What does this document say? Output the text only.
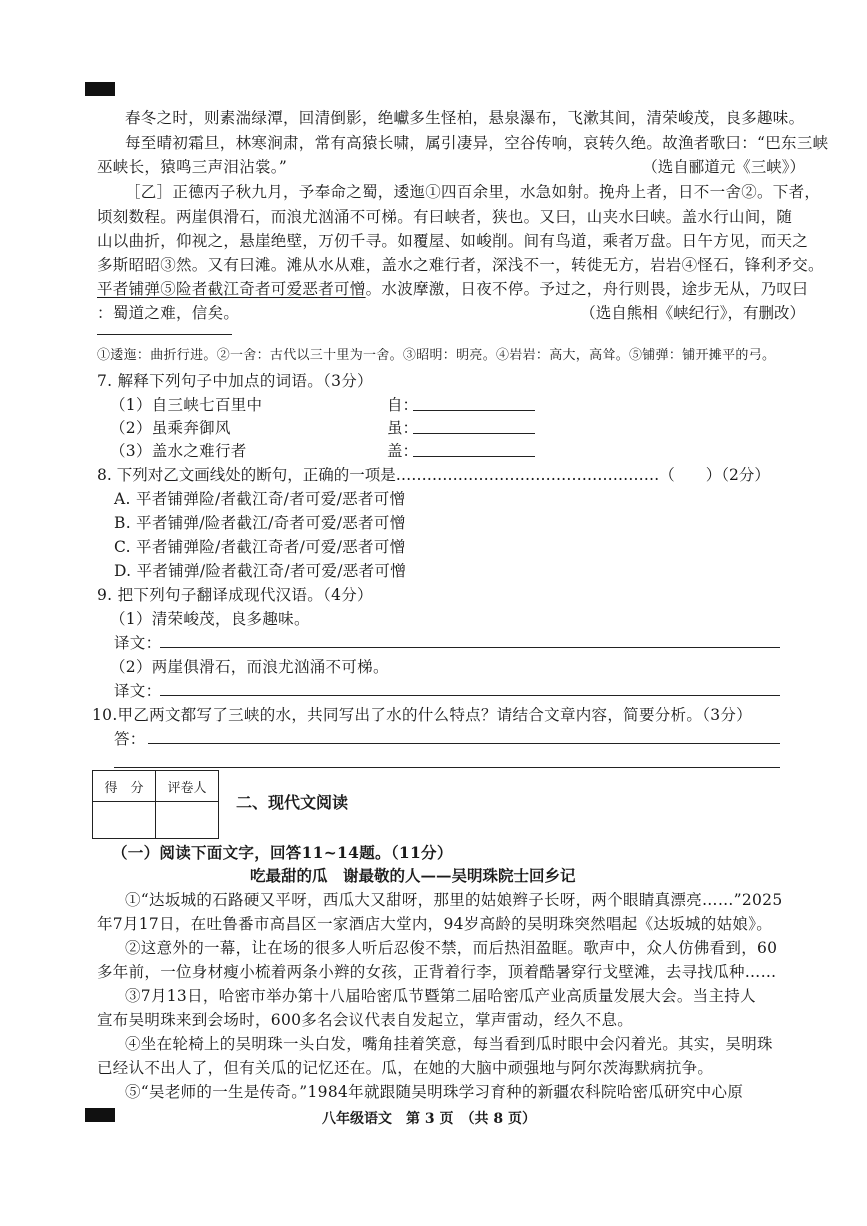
春冬之时，则素湍绿潭，回清倒影，绝巘多生怪柏，悬泉瀑布，飞漱其间，清荣峻茂，良多趣味。
每至晴初霜旦，林寒涧肃，常有高猿长啸，属引凄异，空谷传响，哀转久绝。故渔者歌曰：“巴东三峡
巫峡长，猿鸣三声泪沾裳。”	（选自郦道元《三峡》）
［乙］正德丙子秋九月，予奉命之蜀，逶迤①四百余里，水急如射。挽舟上者，日不一舍②。下者，
顷刻数程。两崖俱滑石，而浪尤汹涌不可梯。有曰峡者，狭也。又曰，山夹水曰峡。盖水行山间，随
山以曲折，仰视之，悬崖绝壁，万仞千寻。如覆屋、如峻削。间有鸟道，乘者万盘。日午方见，而天之
多斯昭昭③然。又有曰滩。滩从水从难，盖水之难行者，深浅不一，转徙无方，岩岩④怪石，锋利矛交。
平者铺弹⑤险者截江奇者可爱恶者可憎。水波摩激，日夜不停。予过之，舟行则畏，途步无从，乃叹曰
：蜀道之难，信矣。	（选自熊相《峡纪行》，有删改）
①逶迤：曲折行进。②一舍：古代以三十里为一舍。③昭明：明亮。④岩岩：高大，高耸。⑤铺弹：铺开摊平的弓。
7. 解释下列句子中加点的词语。（3分）
（1）自三峡七百里中	自：
（2）虽乘奔御风	虽：
（3）盖水之难行者	盖：
8. 下列对乙文画线处的断句，正确的一项是……………………………………………（　　）（2分）
A. 平者铺弹险/者截江奇/者可爱/恶者可憎
B. 平者铺弹/险者截江/奇者可爱/恶者可憎
C. 平者铺弹险/者截江奇者/可爱/恶者可憎
D. 平者铺弹/险者截江奇/者可爱/恶者可憎
9. 把下列句子翻译成现代汉语。（4分）
（1）清荣峻茂，良多趣味。
译文：
（2）两崖俱滑石，而浪尤汹涌不可梯。
译文：
10.甲乙两文都写了三峡的水，共同写出了水的什么特点？请结合文章内容，简要分析。（3分）
答：
得　分	评卷人

二、现代文阅读
（一）阅读下面文字，回答11~14题。（11分）
吃最甜的瓜　谢最敬的人——吴明珠院士回乡记
①“达坂城的石路硬又平呀，西瓜大又甜呀，那里的姑娘辫子长呀，两个眼睛真漂亮……”2025
年7月17日，在吐鲁番市高昌区一家酒店大堂内，94岁高龄的吴明珠突然唱起《达坂城的姑娘》。
②这意外的一幕，让在场的很多人听后忍俊不禁，而后热泪盈眶。歌声中，众人仿佛看到，60
多年前，一位身材瘦小梳着两条小辫的女孩，正背着行李，顶着酷暑穿行戈壁滩，去寻找瓜种……
③7月13日，哈密市举办第十八届哈密瓜节暨第二届哈密瓜产业高质量发展大会。当主持人
宣布吴明珠来到会场时，600多名会议代表自发起立，掌声雷动，经久不息。
④坐在轮椅上的吴明珠一头白发，嘴角挂着笑意，每当看到瓜时眼中会闪着光。其实，吴明珠
已经认不出人了，但有关瓜的记忆还在。瓜，在她的大脑中顽强地与阿尔茨海默病抗争。
⑤“吴老师的一生是传奇。”1984年就跟随吴明珠学习育种的新疆农科院哈密瓜研究中心原
八年级语文　第 3 页　（共 8 页）
